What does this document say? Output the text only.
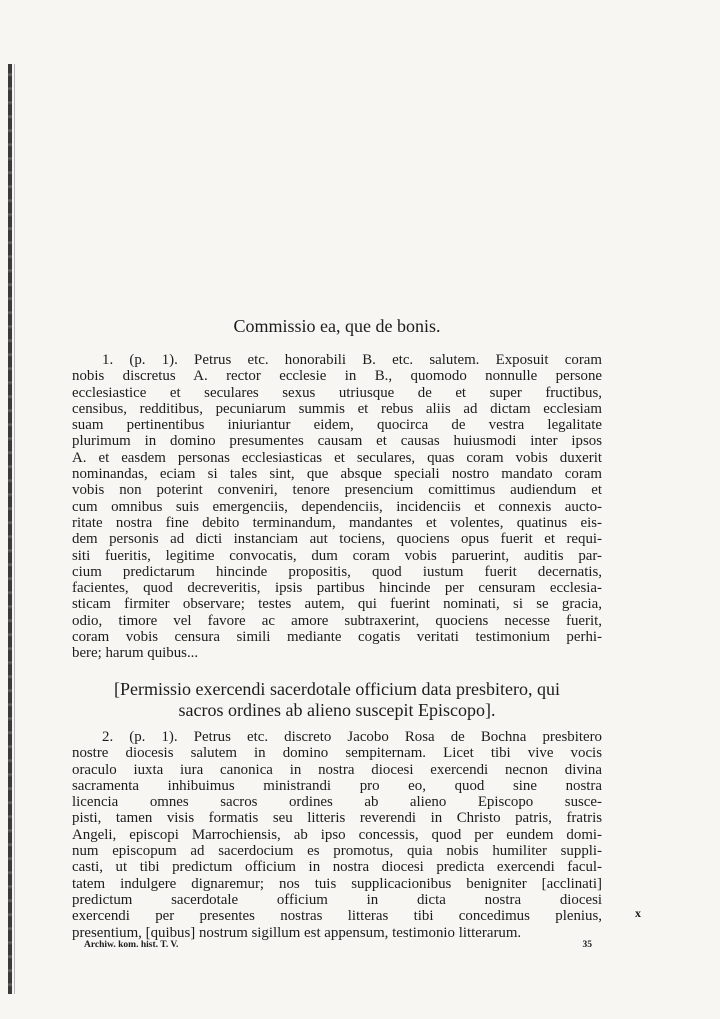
Commissio ea, que de bonis.
1. (p. 1). Petrus etc. honorabili B. etc. salutem. Exposuit coram
nobis discretus A. rector ecclesie in B., quomodo nonnulle persone
ecclesiastice et seculares sexus utriusque de et super fructibus,
censibus, redditibus, pecuniarum summis et rebus aliis ad dictam ecclesiam
suam pertinentibus iniuriantur eidem, quocirca de vestra legalitate
plurimum in domino presumentes causam et causas huiusmodi inter ipsos
A. et easdem personas ecclesiasticas et seculares, quas coram vobis duxerit
nominandas, eciam si tales sint, que absque speciali nostro mandato coram
vobis non poterint conveniri, tenore presencium comittimus audiendum et
cum omnibus suis emergenciis, dependenciis, incidenciis et connexis aucto-
ritate nostra fine debito terminandum, mandantes et volentes, quatinus eis-
dem personis ad dicti instanciam aut tociens, quociens opus fuerit et requi-
siti fueritis, legitime convocatis, dum coram vobis paruerint, auditis par-
cium predictarum hincinde propositis, quod iustum fuerit decernatis,
facientes, quod decreveritis, ipsis partibus hincinde per censuram ecclesia-
sticam firmiter observare; testes autem, qui fuerint nominati, si se gracia,
odio, timore vel favore ac amore subtraxerint, quociens necesse fuerit,
coram vobis censura simili mediante cogatis veritati testimonium perhi-
bere; harum quibus...
[Permissio exercendi sacerdotale officium data presbitero, qui
sacros ordines ab alieno suscepit Episcopo].
2. (p. 1). Petrus etc. discreto Jacobo Rosa de Bochna presbitero
nostre diocesis salutem in domino sempiternam. Licet tibi vive vocis
oraculo iuxta iura canonica in nostra diocesi exercendi necnon divina
sacramenta inhibuimus ministrandi pro eo, quod sine nostra
licencia omnes sacros ordines ab alieno Episcopo susce-
pisti, tamen visis formatis seu litteris reverendi in Christo patris, fratris
Angeli, episcopi Marrochiensis, ab ipso concessis, quod per eundem domi-
num episcopum ad sacerdocium es promotus, quia nobis humiliter suppli-
casti, ut tibi predictum officium in nostra diocesi predicta exercendi facul-
tatem indulgere dignaremur; nos tuis supplicacionibus benigniter [acclinati]
predictum sacerdotale officium in dicta nostra diocesi
exercendi per presentes nostras litteras tibi concedimus plenius,
presentium, [quibus] nostrum sigillum est appensum, testimonio litterarum.
Archiw. kom. hist. T. V.	35
x
